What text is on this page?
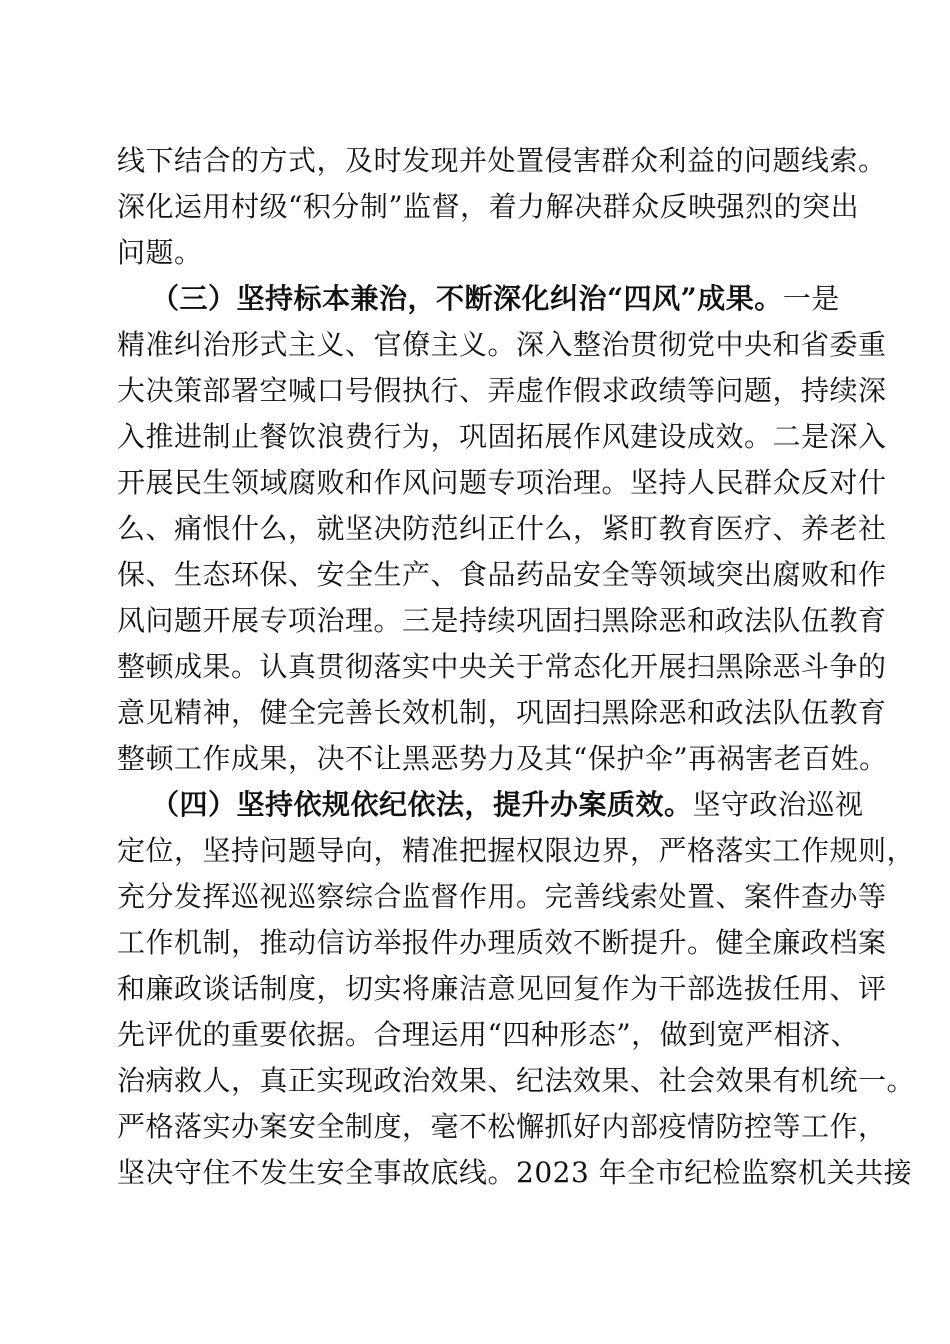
线下结合的方式，及时发现并处置侵害群众利益的问题线索。
深化运用村级“积分制”监督，着力解决群众反映强烈的突出
问题。
（三）坚持标本兼治，不断深化纠治“四风”成果。一是
精准纠治形式主义、官僚主义。深入整治贯彻党中央和省委重
大决策部署空喊口号假执行、弄虚作假求政绩等问题，持续深
入推进制止餐饮浪费行为，巩固拓展作风建设成效。二是深入
开展民生领域腐败和作风问题专项治理。坚持人民群众反对什
么、痛恨什么，就坚决防范纠正什么，紧盯教育医疗、养老社
保、生态环保、安全生产、食品药品安全等领域突出腐败和作
风问题开展专项治理。三是持续巩固扫黑除恶和政法队伍教育
整顿成果。认真贯彻落实中央关于常态化开展扫黑除恶斗争的
意见精神，健全完善长效机制，巩固扫黑除恶和政法队伍教育
整顿工作成果，决不让黑恶势力及其“保护伞”再祸害老百姓。
（四）坚持依规依纪依法，提升办案质效。坚守政治巡视
定位，坚持问题导向，精准把握权限边界，严格落实工作规则，
充分发挥巡视巡察综合监督作用。完善线索处置、案件查办等
工作机制，推动信访举报件办理质效不断提升。健全廉政档案
和廉政谈话制度，切实将廉洁意见回复作为干部选拔任用、评
先评优的重要依据。合理运用“四种形态”，做到宽严相济、
治病救人，真正实现政治效果、纪法效果、社会效果有机统一。
严格落实办案安全制度，毫不松懈抓好内部疫情防控等工作，
坚决守住不发生安全事故底线。2023 年全市纪检监察机关共接
